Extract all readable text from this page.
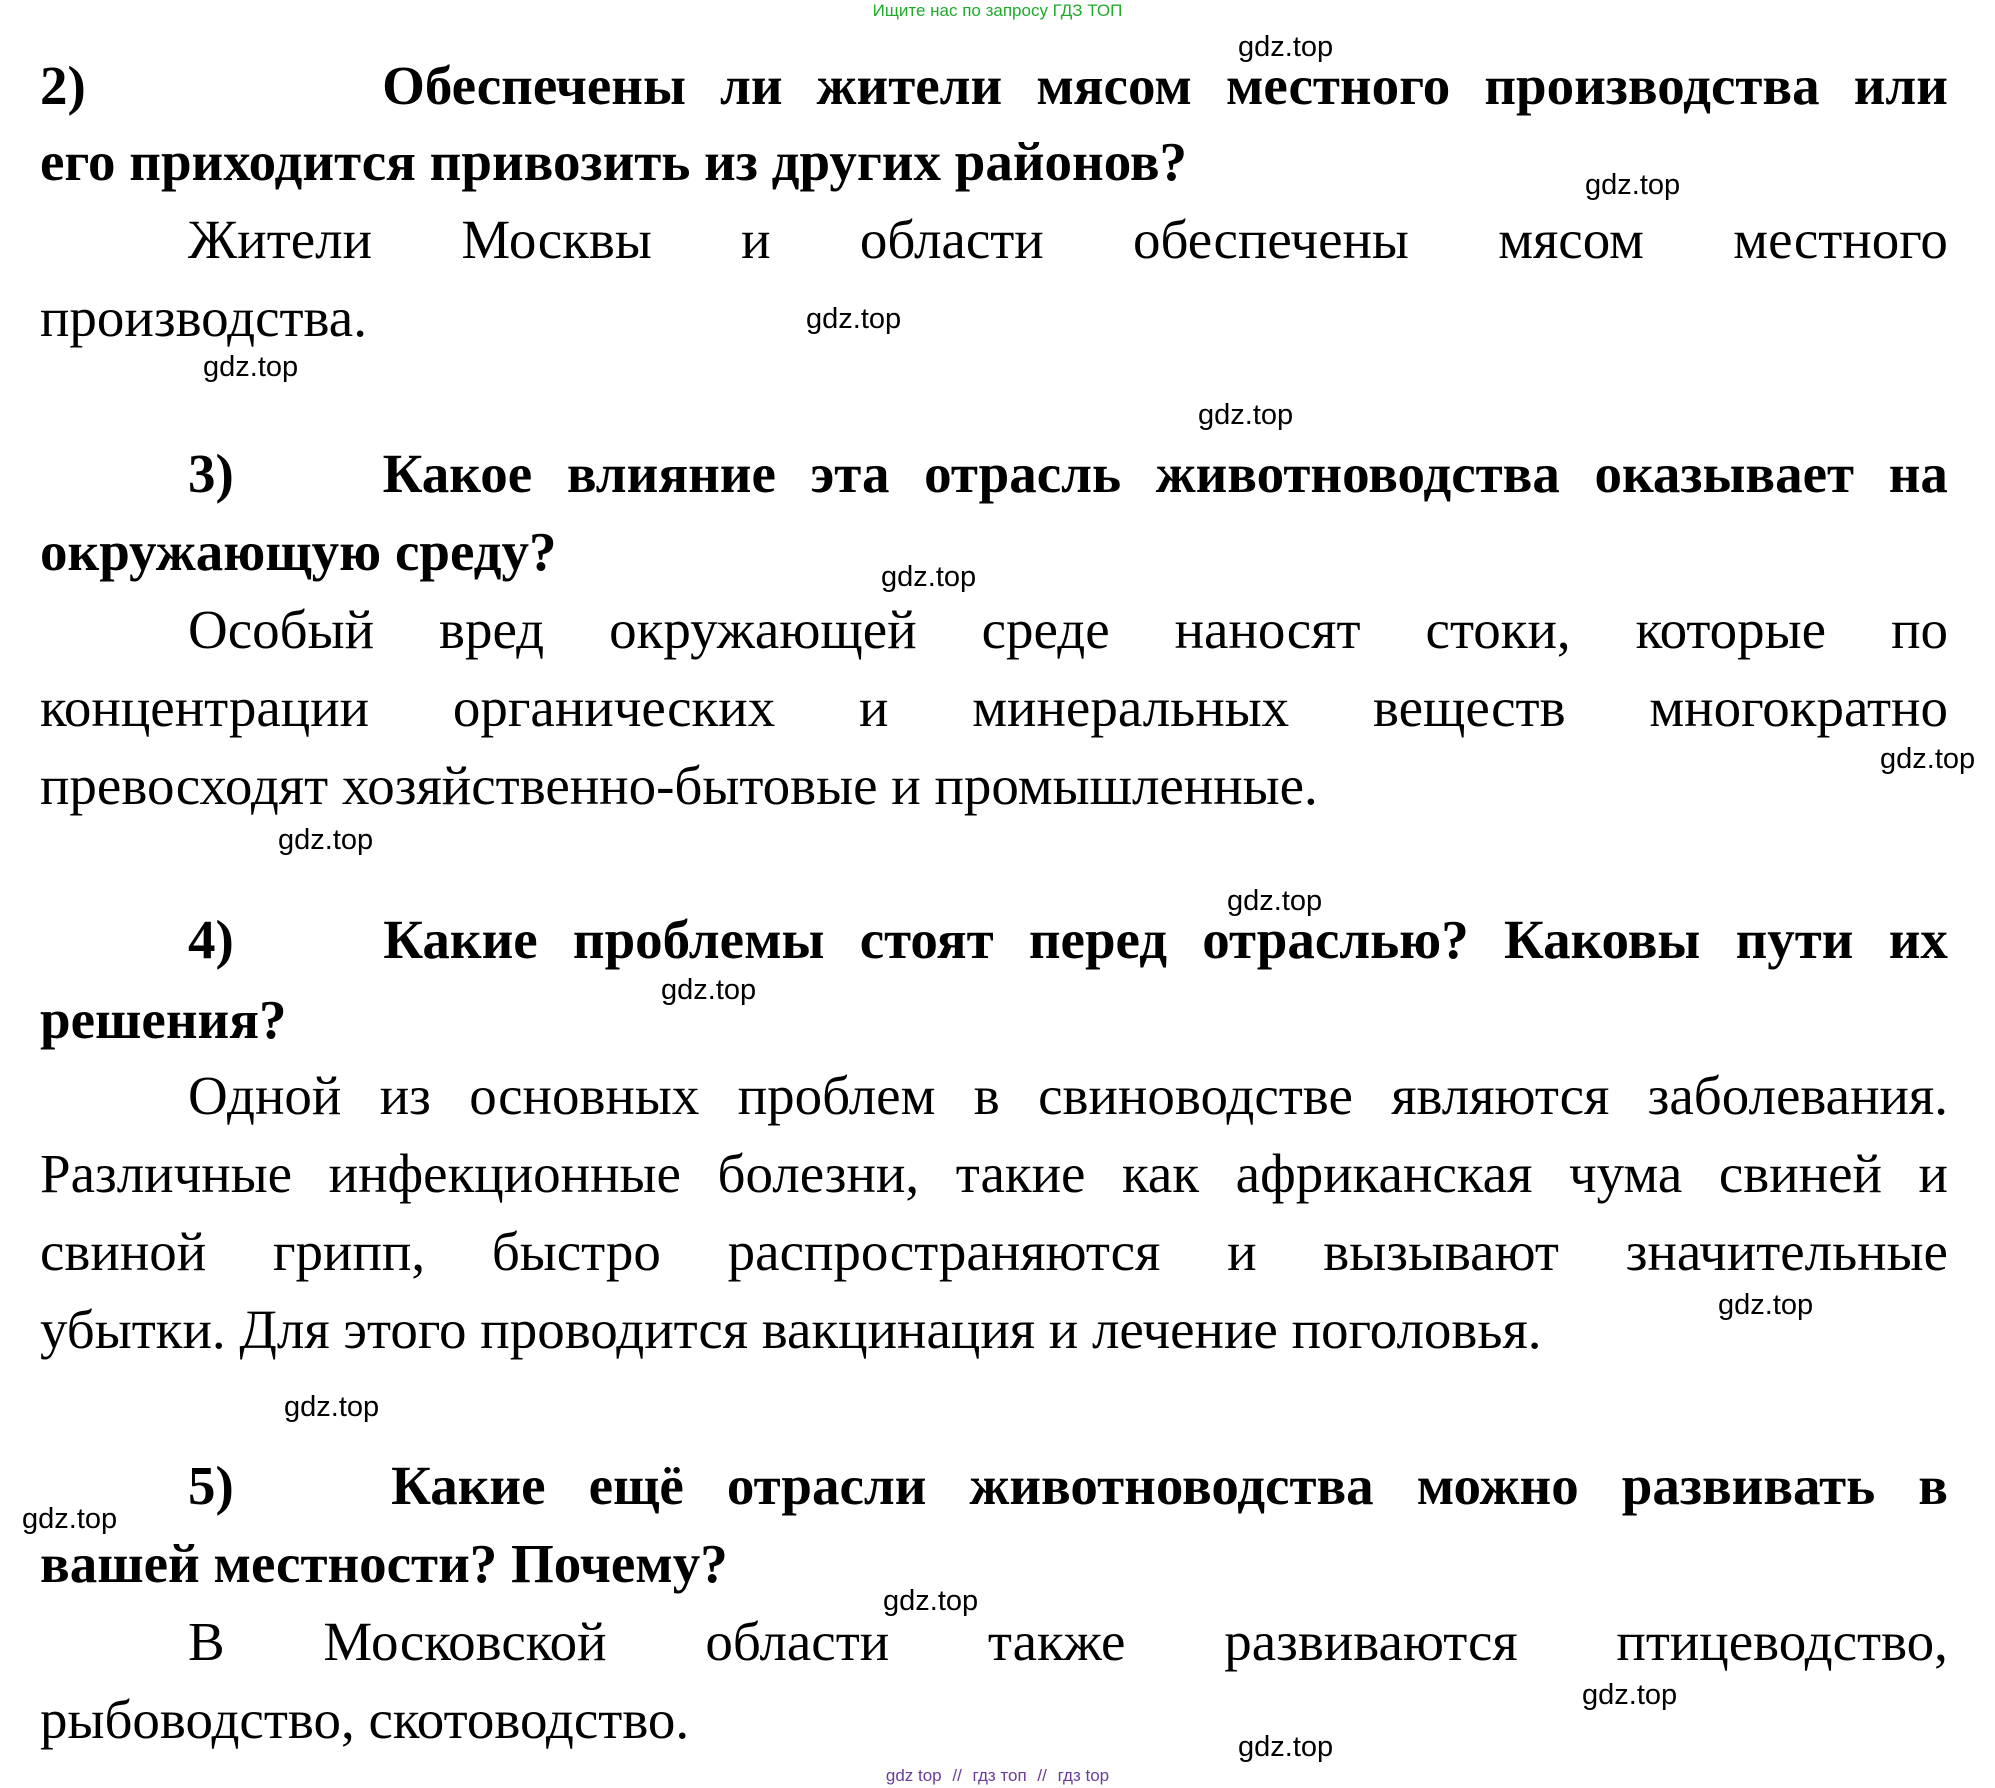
Ищите нас по запросу ГДЗ ТОП
2)	Обеспечены ли жители мясом местного производства или
его приходится привозить из других районов?
Жители Москвы и области обеспечены мясом местного
производства.
3)	Какое влияние эта отрасль животноводства оказывает на
окружающую среду?
Особый вред окружающей среде наносят стоки, которые по
концентрации органических и минеральных веществ многократно
превосходят хозяйственно-бытовые и промышленные.
4)	Какие проблемы стоят перед отраслью? Каковы пути их
решения?
Одной из основных проблем в свиноводстве являются заболевания.
Различные инфекционные болезни, такие как африканская чума свиней и
свиной грипп, быстро распространяются и вызывают значительные
убытки. Для этого проводится вакцинация и лечение поголовья.
5)	Какие ещё отрасли животноводства можно развивать в
вашей местности? Почему?
В Московской области также развиваются птицеводство,
рыбоводство, скотоводство.
gdz.top
gdz.top
gdz.top
gdz.top
gdz.top
gdz.top
gdz.top
gdz.top
gdz.top
gdz.top
gdz.top
gdz.top
gdz.top
gdz.top
gdz.top
gdz.top
gdz top // гдз топ // гдз top
